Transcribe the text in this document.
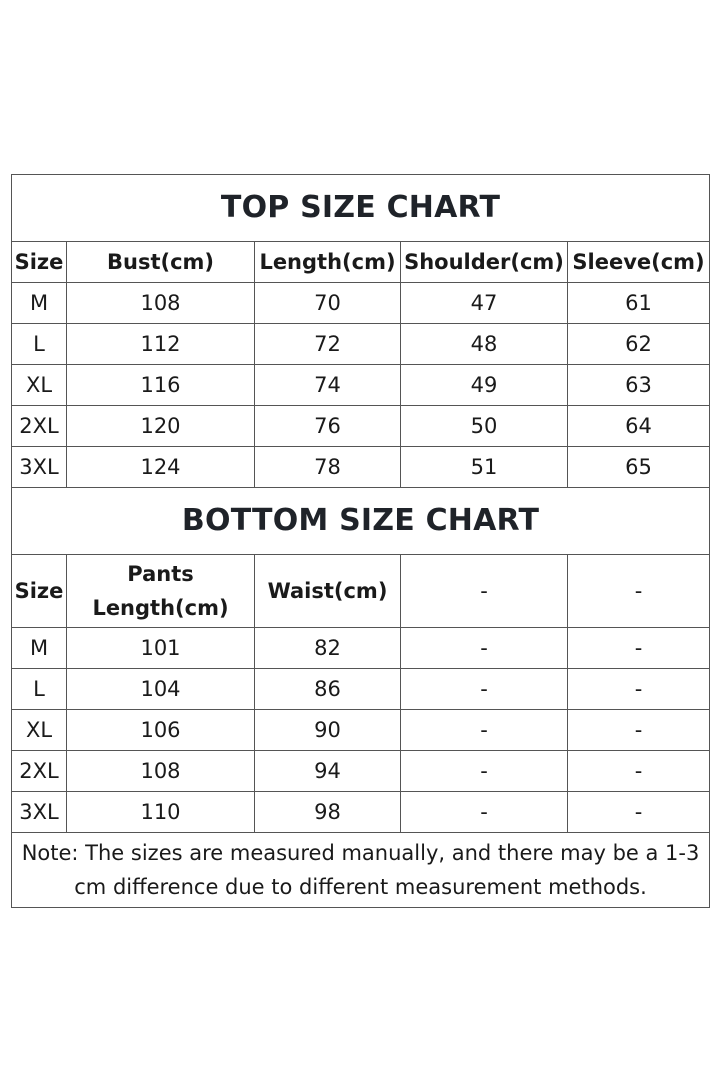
TOP SIZE CHART				
Size	Bust(cm)	Length(cm)	Shoulder(cm)	Sleeve(cm)
M	108	70	47	61
L	112	72	48	62
XL	116	74	49	63
2XL	120	76	50	64
3XL	124	78	51	65
BOTTOM SIZE CHART				
Size	Pants Length(cm)	Waist(cm)	-	-
M	101	82	-	-
L	104	86	-	-
XL	106	90	-	-
2XL	108	94	-	-
3XL	110	98	-	-
Note: The sizes are measured manually, and there may be a 1-3 cm difference due to different measurement methods.				
